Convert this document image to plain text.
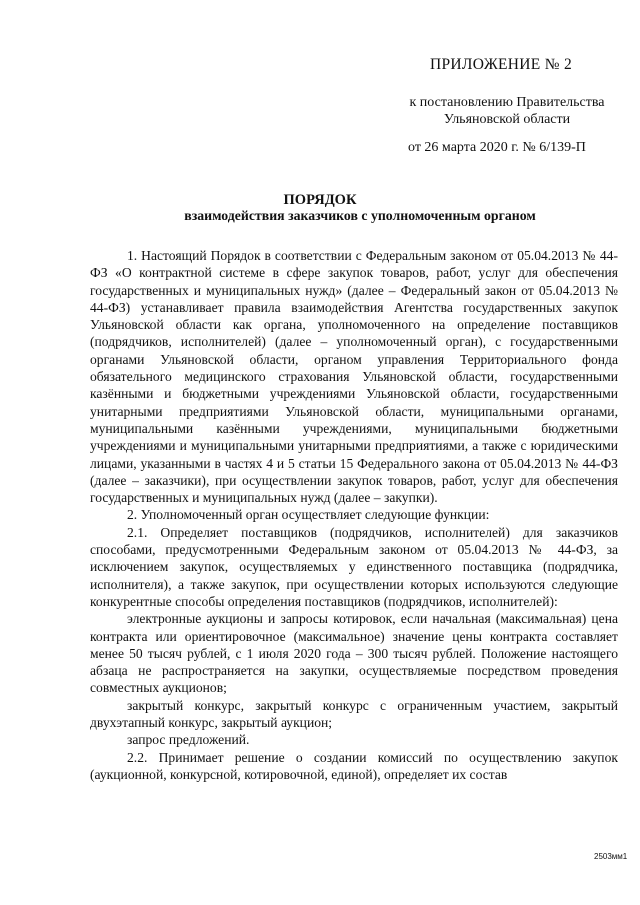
ПРИЛОЖЕНИЕ № 2
к постановлению Правительства Ульяновской области
от 26 марта 2020 г. № 6/139-П
ПОРЯДОК
взаимодействия заказчиков с уполномоченным органом

1. Настоящий Порядок в соответствии с Федеральным законом от 05.04.2013 № 44-ФЗ «О контрактной системе в сфере закупок товаров, работ, услуг для обеспечения государственных и муниципальных нужд» (далее – Федеральный закон от 05.04.2013 № 44-ФЗ) устанавливает правила взаимодействия Агентства государственных закупок Ульяновской области как органа, уполномоченного на определение поставщиков (подрядчиков, исполнителей) (далее – уполномоченный орган), с государственными органами Ульяновской области, органом управления Территориального фонда обязательного медицинского страхования Ульяновской области, государственными казёнными и бюджетными учреждениями Ульяновской области, государственными унитарными предприятиями Ульяновской области, муниципальными органами, муниципальными казёнными учреждениями, муниципальными бюджетными учреждениями и муниципальными унитарными предприятиями, а также с юридическими лицами, указанными в частях 4 и 5 статьи 15 Федерального закона от 05.04.2013 № 44-ФЗ (далее – заказчики), при осуществлении закупок товаров, работ, услуг для обеспечения государственных и муниципальных нужд (далее – закупки).

2. Уполномоченный орган осуществляет следующие функции:

2.1. Определяет поставщиков (подрядчиков, исполнителей) для заказчиков способами, предусмотренными Федеральным законом от 05.04.2013 № 44-ФЗ, за исключением закупок, осуществляемых у единственного поставщика (подрядчика, исполнителя), а также закупок, при осуществлении которых используются следующие конкурентные способы определения поставщиков (подрядчиков, исполнителей):

электронные аукционы и запросы котировок, если начальная (максимальная) цена контракта или ориентировочное (максимальное) значение цены контракта составляет менее 50 тысяч рублей, с 1 июля 2020 года – 300 тысяч рублей. Положение настоящего абзаца не распространяется на закупки, осуществляемые посредством проведения совместных аукционов;

закрытый конкурс, закрытый конкурс с ограниченным участием, закрытый двухэтапный конкурс, закрытый аукцион;

запрос предложений.

2.2. Принимает решение о создании комиссий по осуществлению закупок (аукционной, конкурсной, котировочной, единой), определяет их состав

2503мм1
